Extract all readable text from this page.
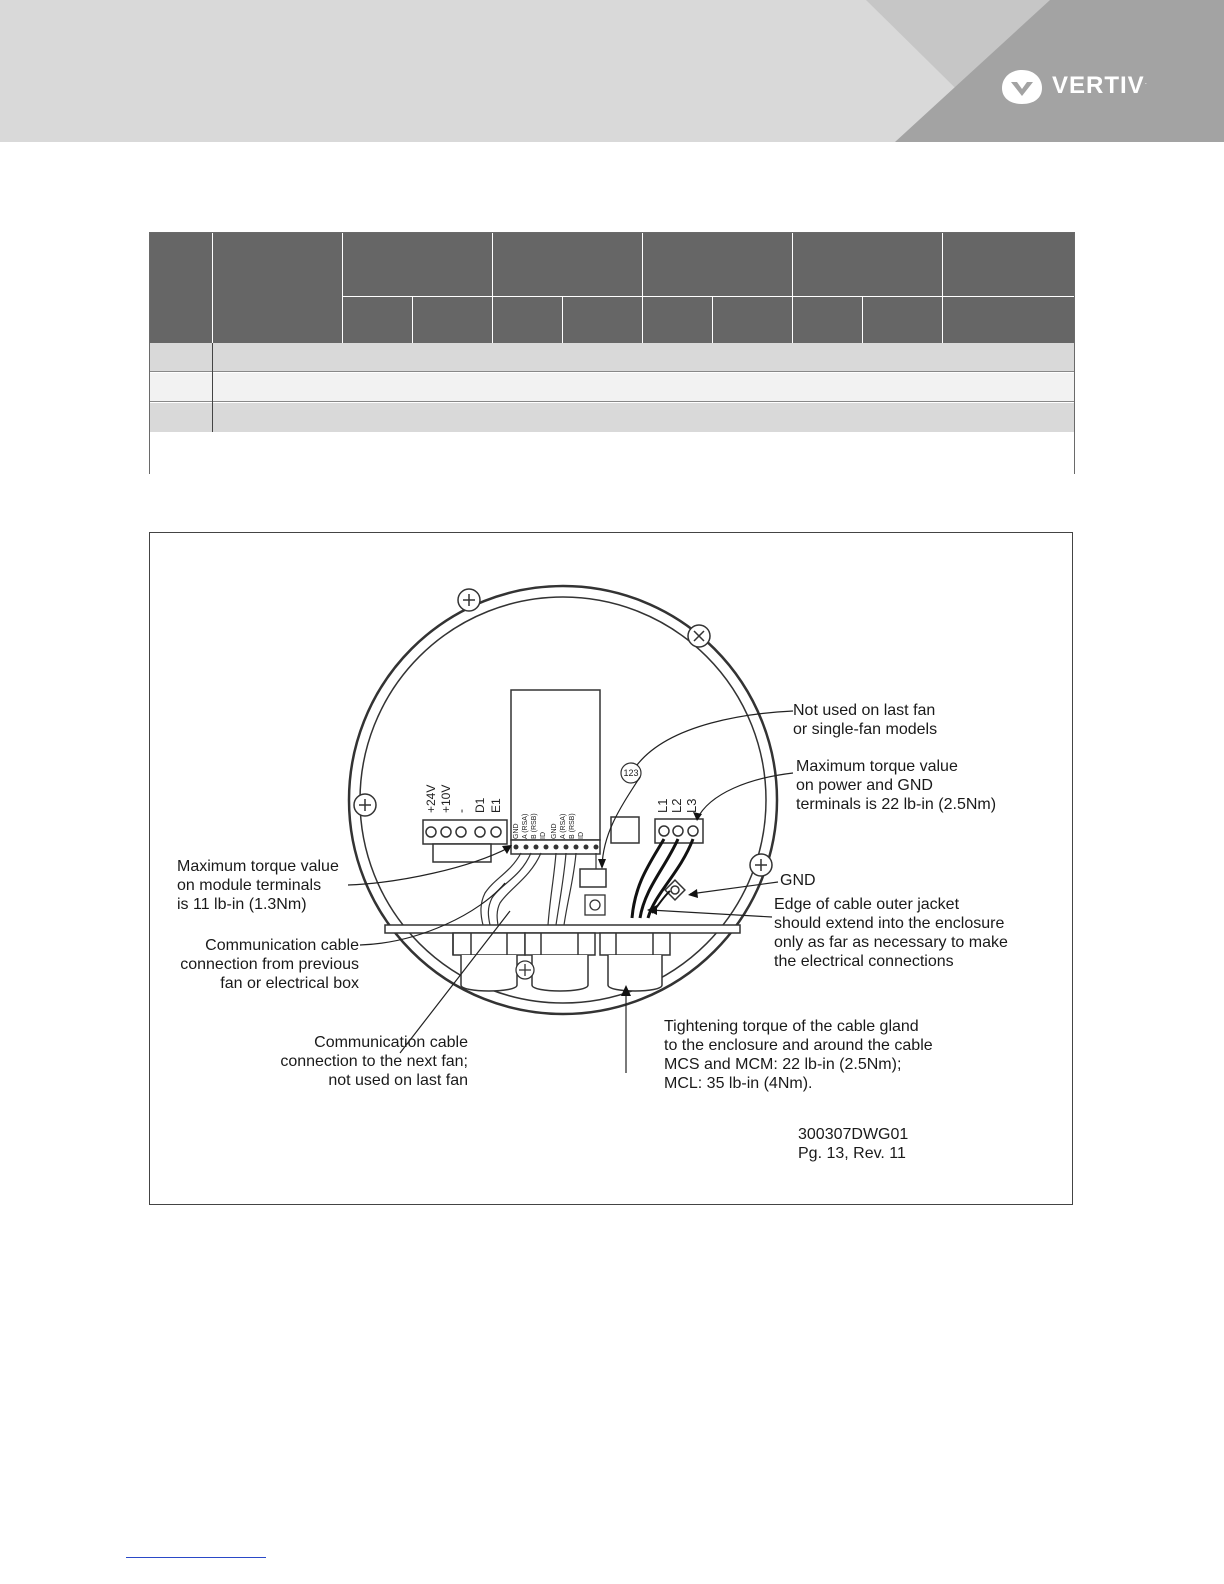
VERTIV.
GND A (RSA) B (RSB) ID GND A (RSA) B (RSB) ID
+24V +10V - D1 E1
123
L1 L2 L3
Not used on last fan
or single-fan models
Maximum torque value
on power and GND
terminals is 22 lb-in (2.5Nm)
GND
Edge of cable outer jacket
should extend into the enclosure
only as far as necessary to make
the electrical connections
Maximum torque value
on module terminals
is 11 lb-in (1.3Nm)
Communication cable
connection from previous
fan or electrical box
Communication cable
connection to the next fan;
not used on last fan
Tightening torque of the cable gland
to the enclosure and around the cable
MCS and MCM: 22 lb-in (2.5Nm);
MCL: 35 lb-in (4Nm).
300307DWG01
Pg. 13, Rev. 11
